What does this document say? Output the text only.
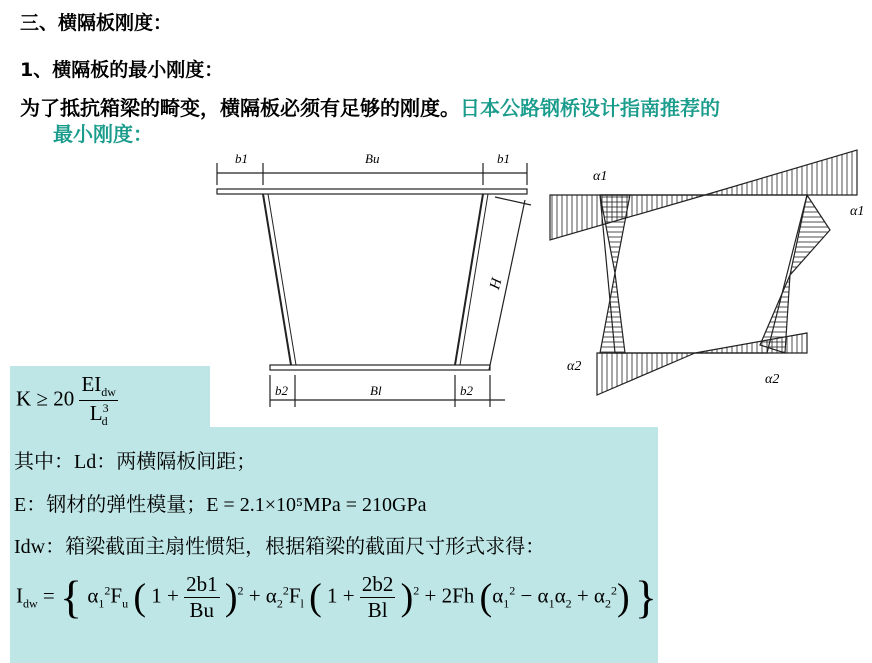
三、横隔板刚度：
1、横隔板的最小刚度：
为了抵抗箱梁的畸变，横隔板必须有足够的刚度。日本公路钢桥设计指南推荐的
最小刚度：
b1	Bu	b1
H
b2	Bl	b2
α1
α1
α2
α2
$K \ge 20 \frac{EI_{dw}}{L^3_d}$
其中：Ld：两横隔板间距；
E：钢材的弹性模量；E = 2.1×10⁵MPa = 210GPa
Idw：箱梁截面主扇性惯矩，根据箱梁的截面尺寸形式求得：
$I_{dw}$ = { $\alpha_1^2F_u$ ( $1 + \frac{2b1}{Bu} )^2 + \alpha_2^2F_l$ ( $1 + \frac{2b2}{Bl} )^2 + 2Fh$ $(\alpha_1^2 - \alpha_1\alpha_2 + \alpha_2^2)$ }
